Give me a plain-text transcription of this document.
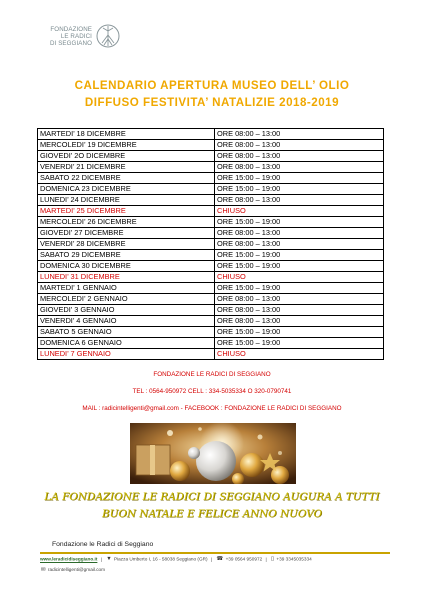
FONDAZIONE
LE RADICI
DI SEGGIANO
CALENDARIO APERTURA MUSEO DELL’ OLIO
DIFFUSO FESTIVITA’ NATALIZIE 2018-2019
MARTEDI’ 18 DICEMBRE	ORE 08:00 – 13:00
MERCOLEDI’ 19 DICEMBRE	ORE 08:00 – 13:00
GIOVEDI’ 2O DICEMBRE	ORE 08:00 – 13:00
VENERDI’ 21 DICEMBRE	ORE 08:00 – 13:00
SABATO 22 DICEMBRE	ORE 15:00 – 19:00
DOMENICA 23 DICEMBRE	ORE 15:00 – 19:00
LUNEDI’ 24 DICEMBRE	ORE 08:00 – 13:00
MARTEDI’ 25 DICEMBRE	CHIUSO
MERCOLEDI’ 26 DICEMBRE	ORE 15:00 – 19:00
GIOVEDI’ 27 DICEMBRE	ORE 08:00 – 13:00
VENERDI’ 28 DICEMBRE	ORE 08:00 – 13:00
SABATO 29 DICEMBRE	ORE 15:00 – 19:00
DOMENICA 30 DICEMBRE	ORE 15:00 – 19:00
LUNEDI’ 31 DICEMBRE	CHIUSO
MARTEDI’ 1 GENNAIO	ORE 15:00 – 19:00
MERCOLEDI’ 2 GENNAIO	ORE 08:00 – 13:00
GIOVEDI’ 3 GENNAIO	ORE 08:00 – 13:00
VENERDI’ 4 GENNAIO	ORE 08:00 – 13:00
SABATO 5 GENNAIO	ORE 15:00 – 19:00
DOMENICA 6 GENNAIO	ORE 15:00 – 19:00
LUNEDI’ 7 GENNAIO	CHIUSO
FONDAZIONE LE RADICI DI SEGGIANO
TEL : 0564-950972 CELL : 334-5035334 O 320-0790741
MAIL : radicintelligenti@gmail.com - FACEBOOK : FONDAZIONE LE RADICI DI SEGGIANO
LA FONDAZIONE LE RADICI DI SEGGIANO AUGURA A TUTTI
BUON NATALE E FELICE ANNO NUOVO
Fondazione le Radici di Seggiano
www.leradicidiseggiano.it | ▼ Piazza Umberto I, 16 - 58038 Seggiano (GR) | ☎ +39 0564 950972 | ▯ +39 3345035334
✉ radicintelligenti@gmail.com
